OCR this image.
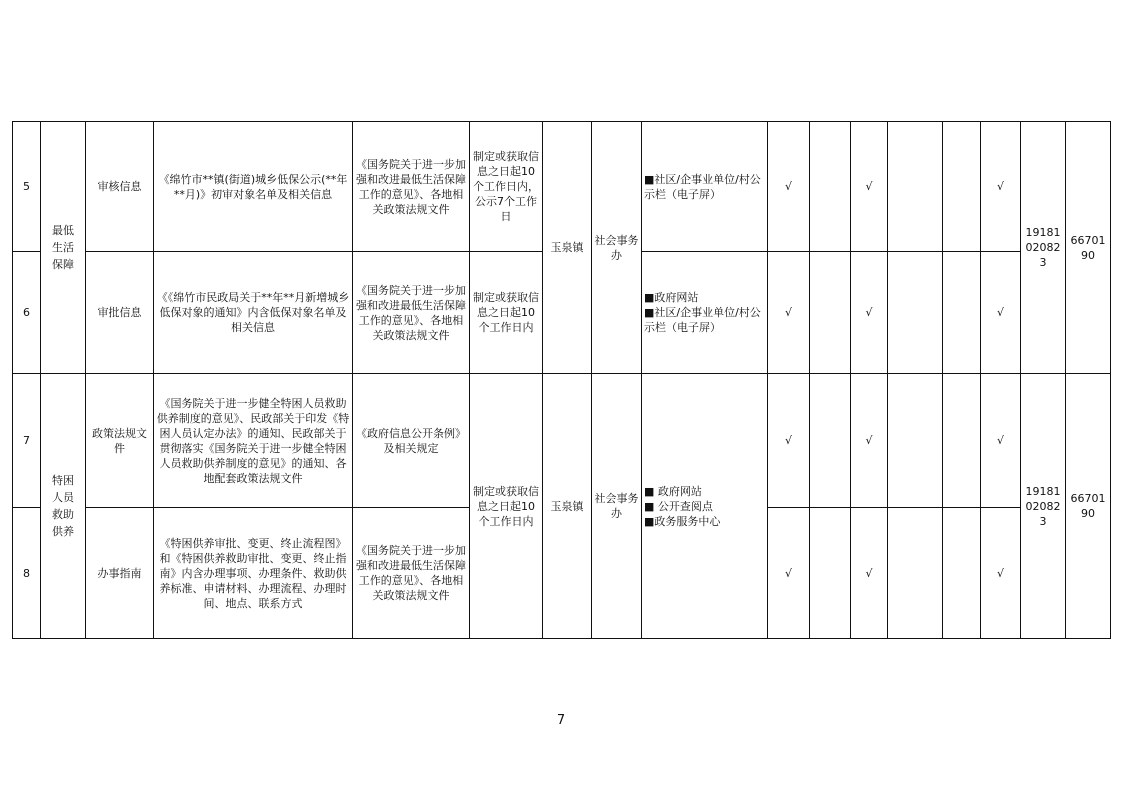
5	最低生活保障	审核信息	《绵竹市**镇(街道)城乡低保公示(**年**月)》初审对象名单及相关信息	《国务院关于进一步加强和改进最低生活保障工作的意见》、各地相关政策法规文件	制定或获取信息之日起10个工作日内，公示7个工作日	玉泉镇	社会事务办	■社区/企事业单位/村公示栏（电子屏）	√		√			√	19181020823	6670190
6		审批信息	《《绵竹市民政局关于**年**月新增城乡低保对象的通知》内含低保对象名单及相关信息	《国务院关于进一步加强和改进最低生活保障工作的意见》、各地相关政策法规文件	制定或获取信息之日起10个工作日内			■政府网站
■社区/企事业单位/村公示栏（电子屏）	√		√			√		
7	特困人员救助供养	政策法规文件	《国务院关于进一步健全特困人员救助供养制度的意见》、民政部关于印发《特困人员认定办法》的通知、民政部关于贯彻落实《国务院关于进一步健全特困人员救助供养制度的意见》的通知、各地配套政策法规文件	《政府信息公开条例》及相关规定	制定或获取信息之日起10个工作日内	玉泉镇	社会事务办	■ 政府网站
■ 公开查阅点
■政务服务中心	√		√			√	19181020823	6670190
8		办事指南	《特困供养审批、变更、终止流程图》和《特困供养救助审批、变更、终止指南》内含办理事项、办理条件、救助供养标准、申请材料、办理流程、办理时间、地点、联系方式	《国务院关于进一步加强和改进最低生活保障工作的意见》、各地相关政策法规文件					√		√			√		
7
